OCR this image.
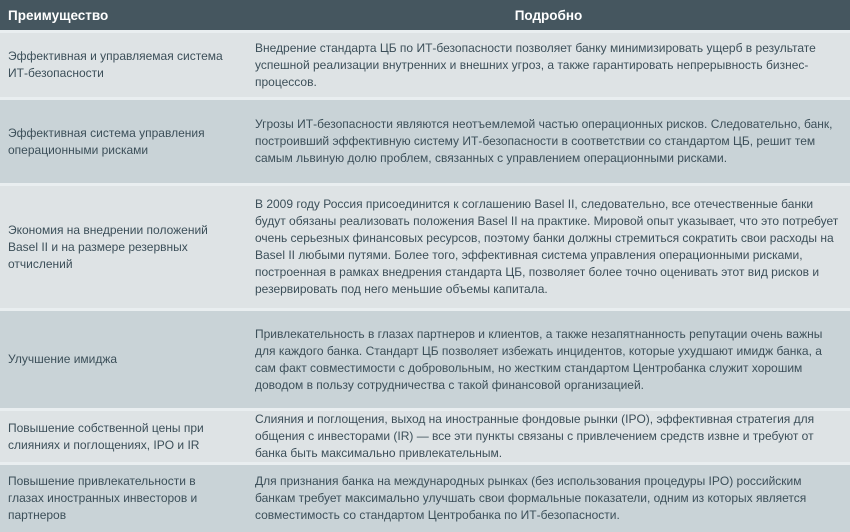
Преимущество	Подробно
Эффективная и управляемая система ИТ-безопасности
Внедрение стандарта ЦБ по ИТ-безопасности позволяет банку минимизировать ущерб в результате успешной реализации внутренних и внешних угроз, а также гарантировать непрерывность бизнес-процессов.
Эффективная система управления операционными рисками
Угрозы ИТ-безопасности являются неотъемлемой частью операционных рисков. Следовательно, банк, построивший эффективную систему ИТ-безопасности в соответствии со стандартом ЦБ, решит тем самым львиную долю проблем, связанных с управлением операционными рисками.
Экономия на внедрении положений Basel II и на размере резервных отчислений
В 2009 году Россия присоединится к соглашению Basel II, следовательно, все отечественные банки будут обязаны реализовать положения Basel II на практике. Мировой опыт указывает, что это потребует очень серьезных финансовых ресурсов, поэтому банки должны стремиться сократить свои расходы на Basel II любыми путями. Более того, эффективная система управления операционными рисками, построенная в рамках внедрения стандарта ЦБ, позволяет более точно оценивать этот вид рисков и резервировать под него меньшие объемы капитала.
Улучшение имиджа
Привлекательность в глазах партнеров и клиентов, а также незапятнанность репутации очень важны для каждого банка. Стандарт ЦБ позволяет избежать инцидентов, которые ухудшают имидж банка, а сам факт совместимости с добровольным, но жестким стандартом Центробанка служит хорошим доводом в пользу сотрудничества с такой финансовой организацией.
Повышение собственной цены при слияниях и поглощениях, IPO и IR
Слияния и поглощения, выход на иностранные фондовые рынки (IPO), эффективная стратегия для общения с инвесторами (IR) — все эти пункты связаны с привлечением средств извне и требуют от банка быть максимально привлекательным.
Повышение привлекательности в глазах иностранных инвесторов и партнеров
Для признания банка на международных рынках (без использования процедуры IPO) российским банкам требует максимально улучшать свои формальные показатели, одним из которых является совместимость со стандартом Центробанка по ИТ-безопасности.
